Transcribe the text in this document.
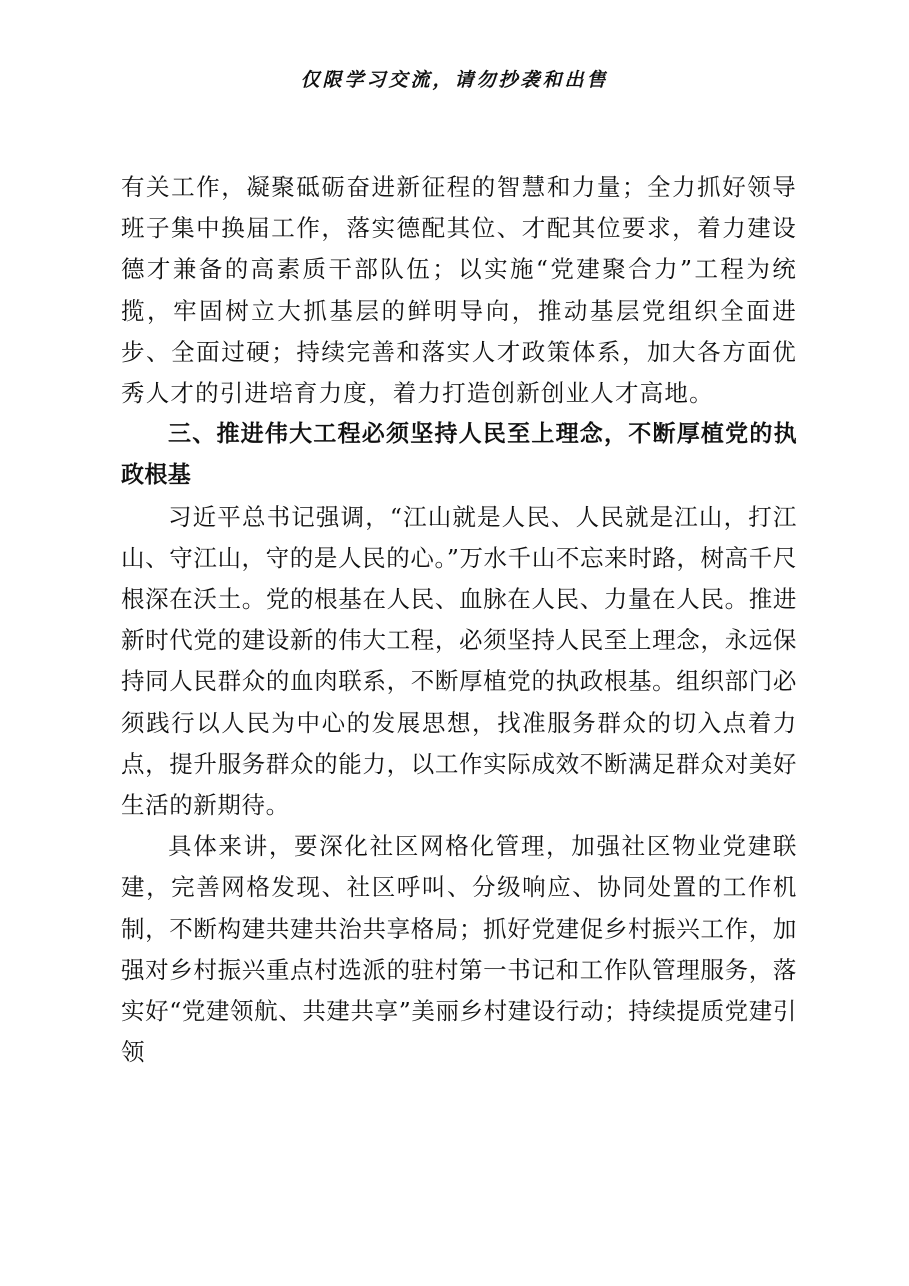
仅限学习交流，请勿抄袭和出售

有关工作，凝聚砥砺奋进新征程的智慧和力量；全力抓好领导班子集中换届工作，落实德配其位、才配其位要求，着力建设德才兼备的高素质干部队伍；以实施“党建聚合力”工程为统揽，牢固树立大抓基层的鲜明导向，推动基层党组织全面进步、全面过硬；持续完善和落实人才政策体系，加大各方面优秀人才的引进培育力度，着力打造创新创业人才高地。

三、推进伟大工程必须坚持人民至上理念，不断厚植党的执政根基

习近平总书记强调，“江山就是人民、人民就是江山，打江山、守江山，守的是人民的心。”万水千山不忘来时路，树高千尺根深在沃土。党的根基在人民、血脉在人民、力量在人民。推进新时代党的建设新的伟大工程，必须坚持人民至上理念，永远保持同人民群众的血肉联系，不断厚植党的执政根基。组织部门必须践行以人民为中心的发展思想，找准服务群众的切入点着力点，提升服务群众的能力，以工作实际成效不断满足群众对美好生活的新期待。

具体来讲，要深化社区网格化管理，加强社区物业党建联建，完善网格发现、社区呼叫、分级响应、协同处置的工作机制，不断构建共建共治共享格局；抓好党建促乡村振兴工作，加强对乡村振兴重点村选派的驻村第一书记和工作队管理服务，落实好“党建领航、共建共享”美丽乡村建设行动；持续提质党建引领
